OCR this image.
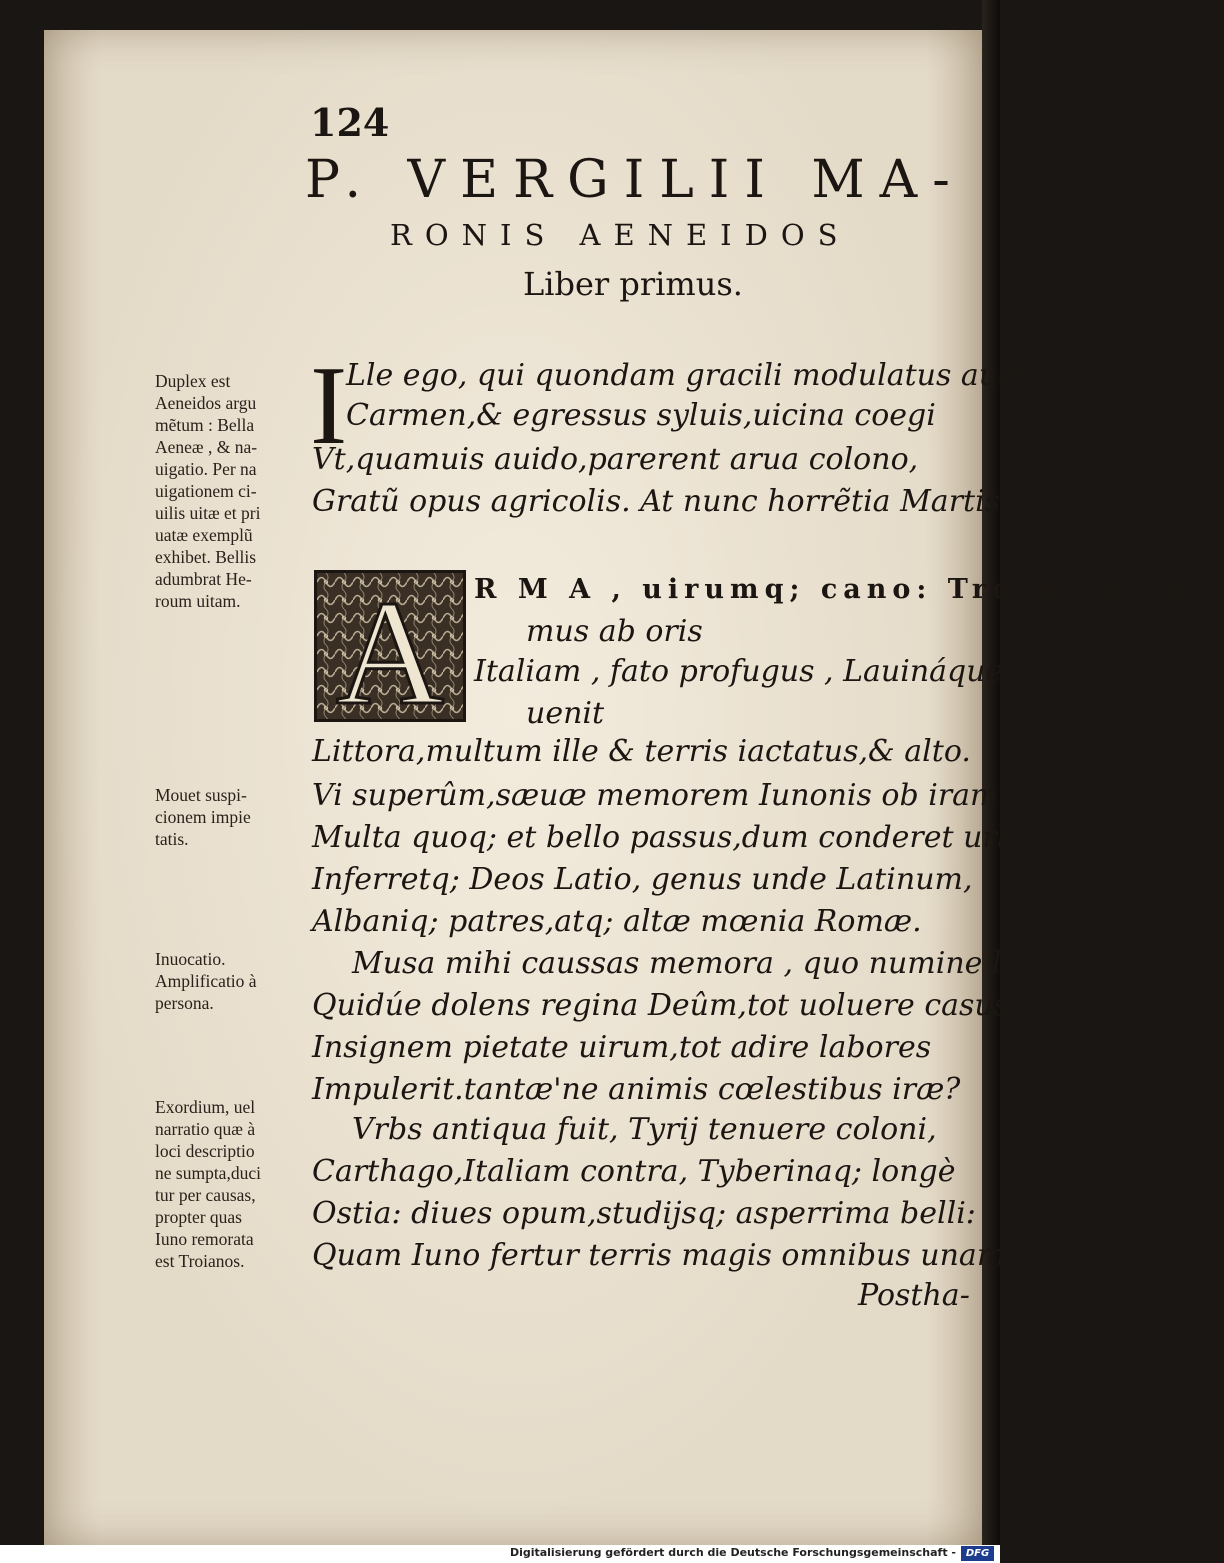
124
P. VERGILII MA-
RONIS AENEIDOS
Liber primus.
I
Lle ego, qui quondam gracili modulatus auena
Carmen,& egressus syluis,uicina coegi
Vt,quamuis auido,parerent arua colono,
Gratũ opus agricolis. At nunc horrẽtia Martis
A R M A , uirumq; cano: Troiæ qui pri
mus ab oris
Italiam , fato profugus , Lauináque
uenit
Littora,multum ille & terris iactatus,& alto.
Vi superûm,sæuæ memorem Iunonis ob iram.
Multa quoq; et bello passus,dum conderet urbem,
Inferretq; Deos Latio, genus unde Latinum,
Albaniq; patres,atq; altæ mœnia Romæ.
Musa mihi caussas memora , quo numine læso,
Quidúe dolens regina Deûm,tot uoluere casus
Insignem pietate uirum,tot adire labores
Impulerit.tantæ'ne animis cœlestibus iræ?
Vrbs antiqua fuit, Tyrij tenuere coloni,
Carthago,Italiam contra, Tyberinaq; longè
Ostia: diues opum,studijsq; asperrima belli:
Quam Iuno fertur terris magis omnibus unam
Postha-
Duplex est
Aeneidos argu
mẽtum : Bella
Aeneæ , & na-
uigatio. Per na
uigationem ci-
uilis uitæ et pri
uatæ exemplũ
exhibet. Bellis
adumbrat He-
roum uitam.
Mouet suspi-
cionem impie
tatis.
Inuocatio.
Amplificatio à
persona.
Exordium, uel
narratio quæ à
loci descriptio
ne sumpta,duci
tur per causas,
propter quas
Iuno remorata
est Troianos.
Digitalisierung gefördert durch die Deutsche Forschungsgemeinschaft - DFG
